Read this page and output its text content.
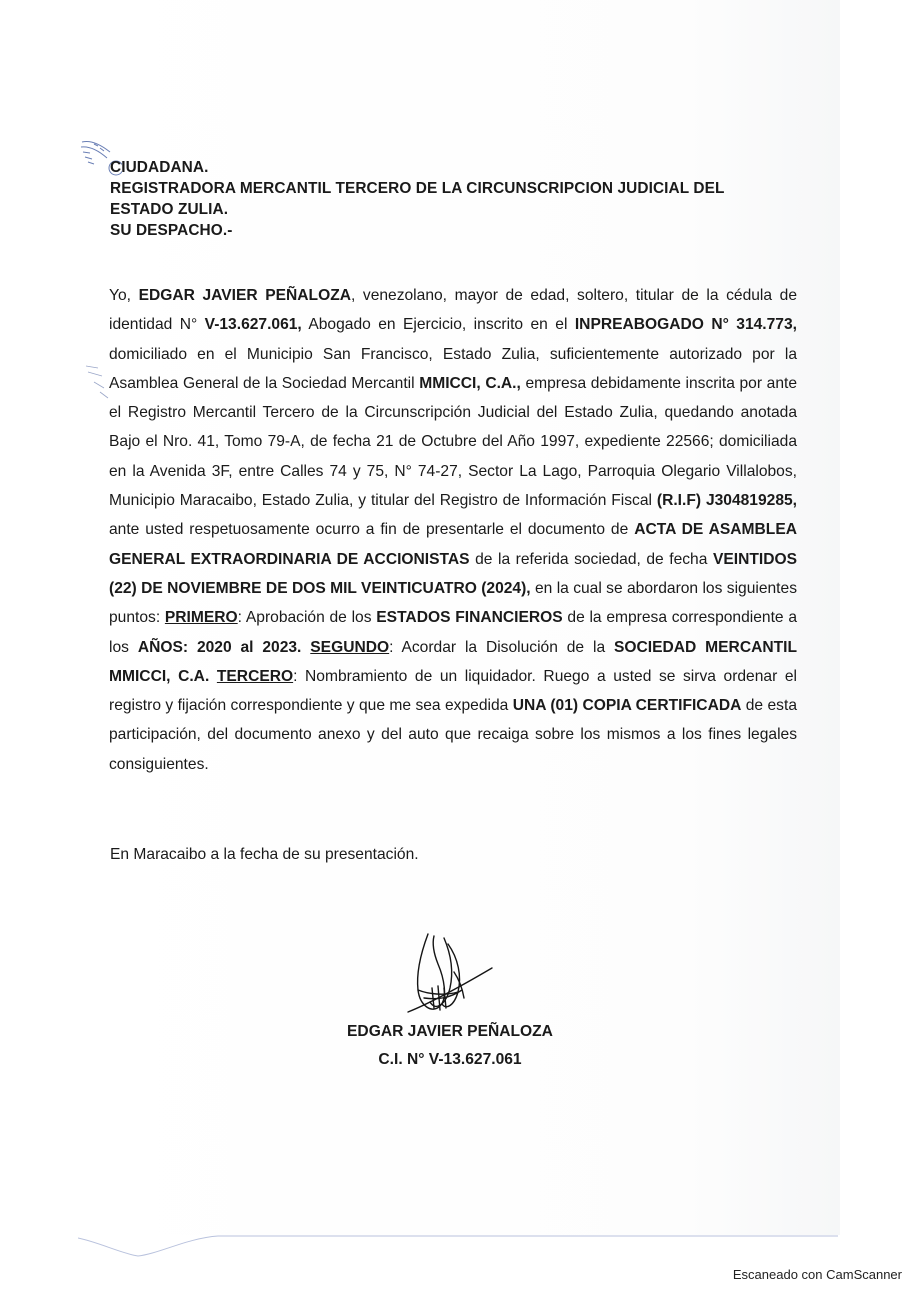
CIUDADANA.
REGISTRADORA MERCANTIL TERCERO DE LA CIRCUNSCRIPCION JUDICIAL DEL
ESTADO ZULIA.
SU DESPACHO.-
Yo, EDGAR JAVIER PEÑALOZA, venezolano, mayor de edad, soltero, titular de la cédula de identidad N° V-13.627.061, Abogado en Ejercicio, inscrito en el INPREABOGADO N° 314.773, domiciliado en el Municipio San Francisco, Estado Zulia, suficientemente autorizado por la Asamblea General de la Sociedad Mercantil MMICCI, C.A., empresa debidamente inscrita por ante el Registro Mercantil Tercero de la Circunscripción Judicial del Estado Zulia, quedando anotada Bajo el Nro. 41, Tomo 79-A, de fecha 21 de Octubre del Año 1997, expediente 22566; domiciliada en la Avenida 3F, entre Calles 74 y 75, N° 74-27, Sector La Lago, Parroquia Olegario Villalobos, Municipio Maracaibo, Estado Zulia, y titular del Registro de Información Fiscal (R.I.F) J304819285, ante usted respetuosamente ocurro a fin de presentarle el documento de ACTA DE ASAMBLEA GENERAL EXTRAORDINARIA DE ACCIONISTAS de la referida sociedad, de fecha VEINTIDOS (22) DE NOVIEMBRE DE DOS MIL VEINTICUATRO (2024), en la cual se abordaron los siguientes puntos: PRIMERO: Aprobación de los ESTADOS FINANCIEROS de la empresa correspondiente a los AÑOS: 2020 al 2023. SEGUNDO: Acordar la Disolución de la SOCIEDAD MERCANTIL MMICCI, C.A. TERCERO: Nombramiento de un liquidador. Ruego a usted se sirva ordenar el registro y fijación correspondiente y que me sea expedida UNA (01) COPIA CERTIFICADA de esta participación, del documento anexo y del auto que recaiga sobre los mismos a los fines legales consiguientes.
En Maracaibo a la fecha de su presentación.
EDGAR JAVIER PEÑALOZA
C.I. N° V-13.627.061
Escaneado con CamScanner
